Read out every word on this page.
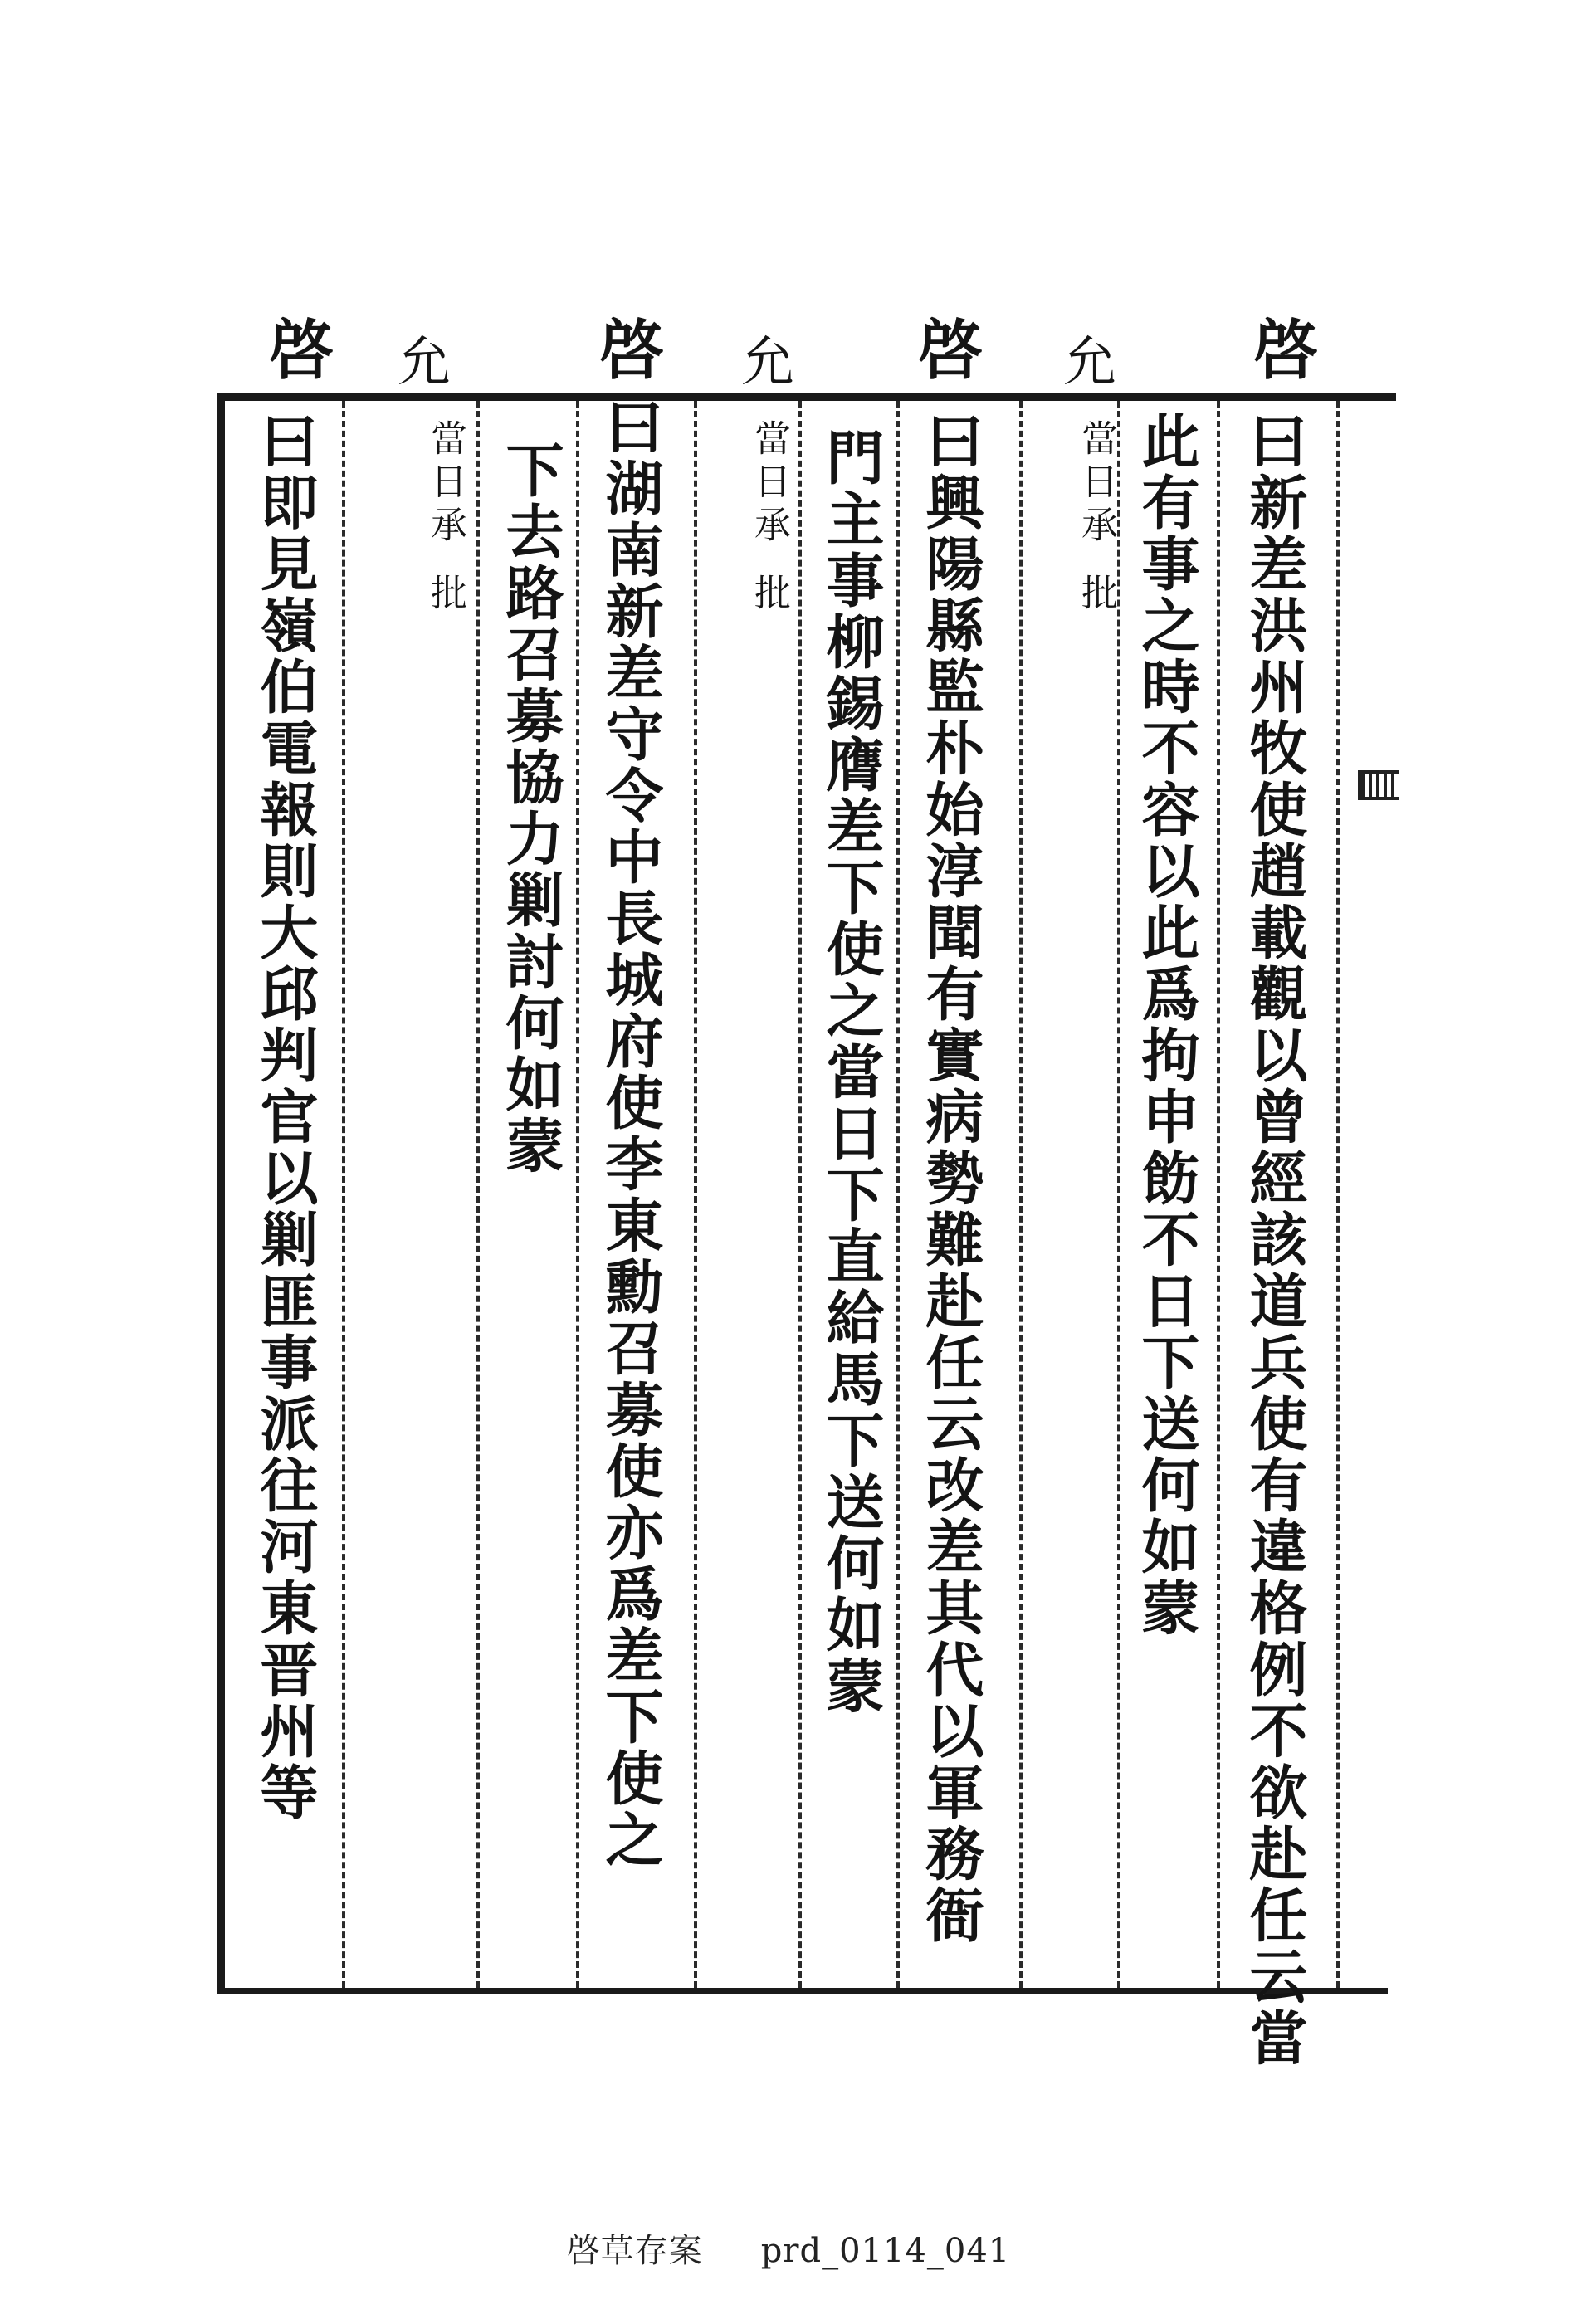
啓
允
啓
允
啓
允
啓
曰新差洪州牧使趙載觀以曾經該道兵使有違格例不欲赴任云當
此有事之時不容以此爲拘申飭不日下送何如蒙
當日承批
曰興陽縣監朴始淳聞有實病勢難赴任云改差其代以軍務衙
門主事柳錫膺差下使之當日下直給馬下送何如蒙
當日承批
曰湖南新差守令中長城府使李東勳召募使亦爲差下使之
下去路召募協力剿討何如蒙
當日承批
曰即見嶺伯電報則大邱判官以剿匪事派往河東晋州等
啓草存案 prd_0114_041
